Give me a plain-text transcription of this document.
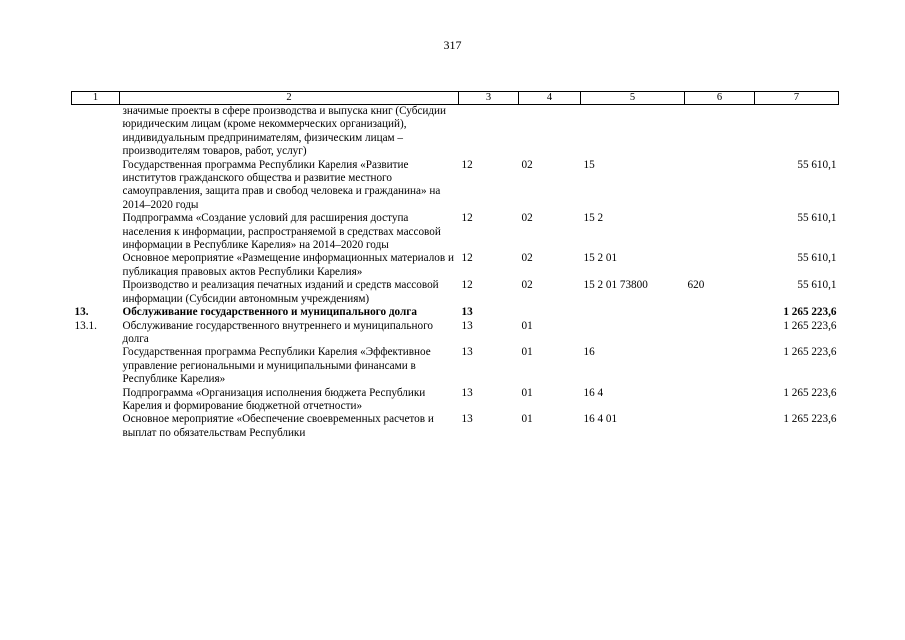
317
1	2	3	4	5	6	7
	значимые проекты в сфере производства и выпуска книг (Субсидии юридическим лицам (кроме некоммерческих организаций), индивидуальным предпринимателям, физическим лицам – производителям товаров, работ, услуг)					
	Государственная программа Республики Карелия «Развитие институтов гражданского общества и развитие местного самоуправления, защита прав и свобод человека и гражданина» на 2014–2020 годы	12	02	15		55 610,1
	Подпрограмма «Создание условий для расширения доступа населения к информации, распространяемой в средствах массовой информации в Республике Карелия» на 2014–2020 годы	12	02	15 2		55 610,1
	Основное мероприятие «Размещение информационных материалов и публикация правовых актов Республики Карелия»	12	02	15 2 01		55 610,1
	Производство и реализация печатных изданий и средств массовой информации (Субсидии автономным учреждениям)	12	02	15 2 01 73800	620	55 610,1
13.	Обслуживание государственного и муниципального долга	13				1 265 223,6
13.1.	Обслуживание государственного внутреннего и муниципального долга	13	01			1 265 223,6
	Государственная программа Республики Карелия «Эффективное управление региональными и муниципальными финансами в Республике Карелия»	13	01	16		1 265 223,6
	Подпрограмма «Организация исполнения бюджета Республики Карелия и формирование бюджетной отчетности»	13	01	16 4		1 265 223,6
	Основное мероприятие «Обеспечение своевременных расчетов и выплат по обязательствам Республики	13	01	16 4 01		1 265 223,6
